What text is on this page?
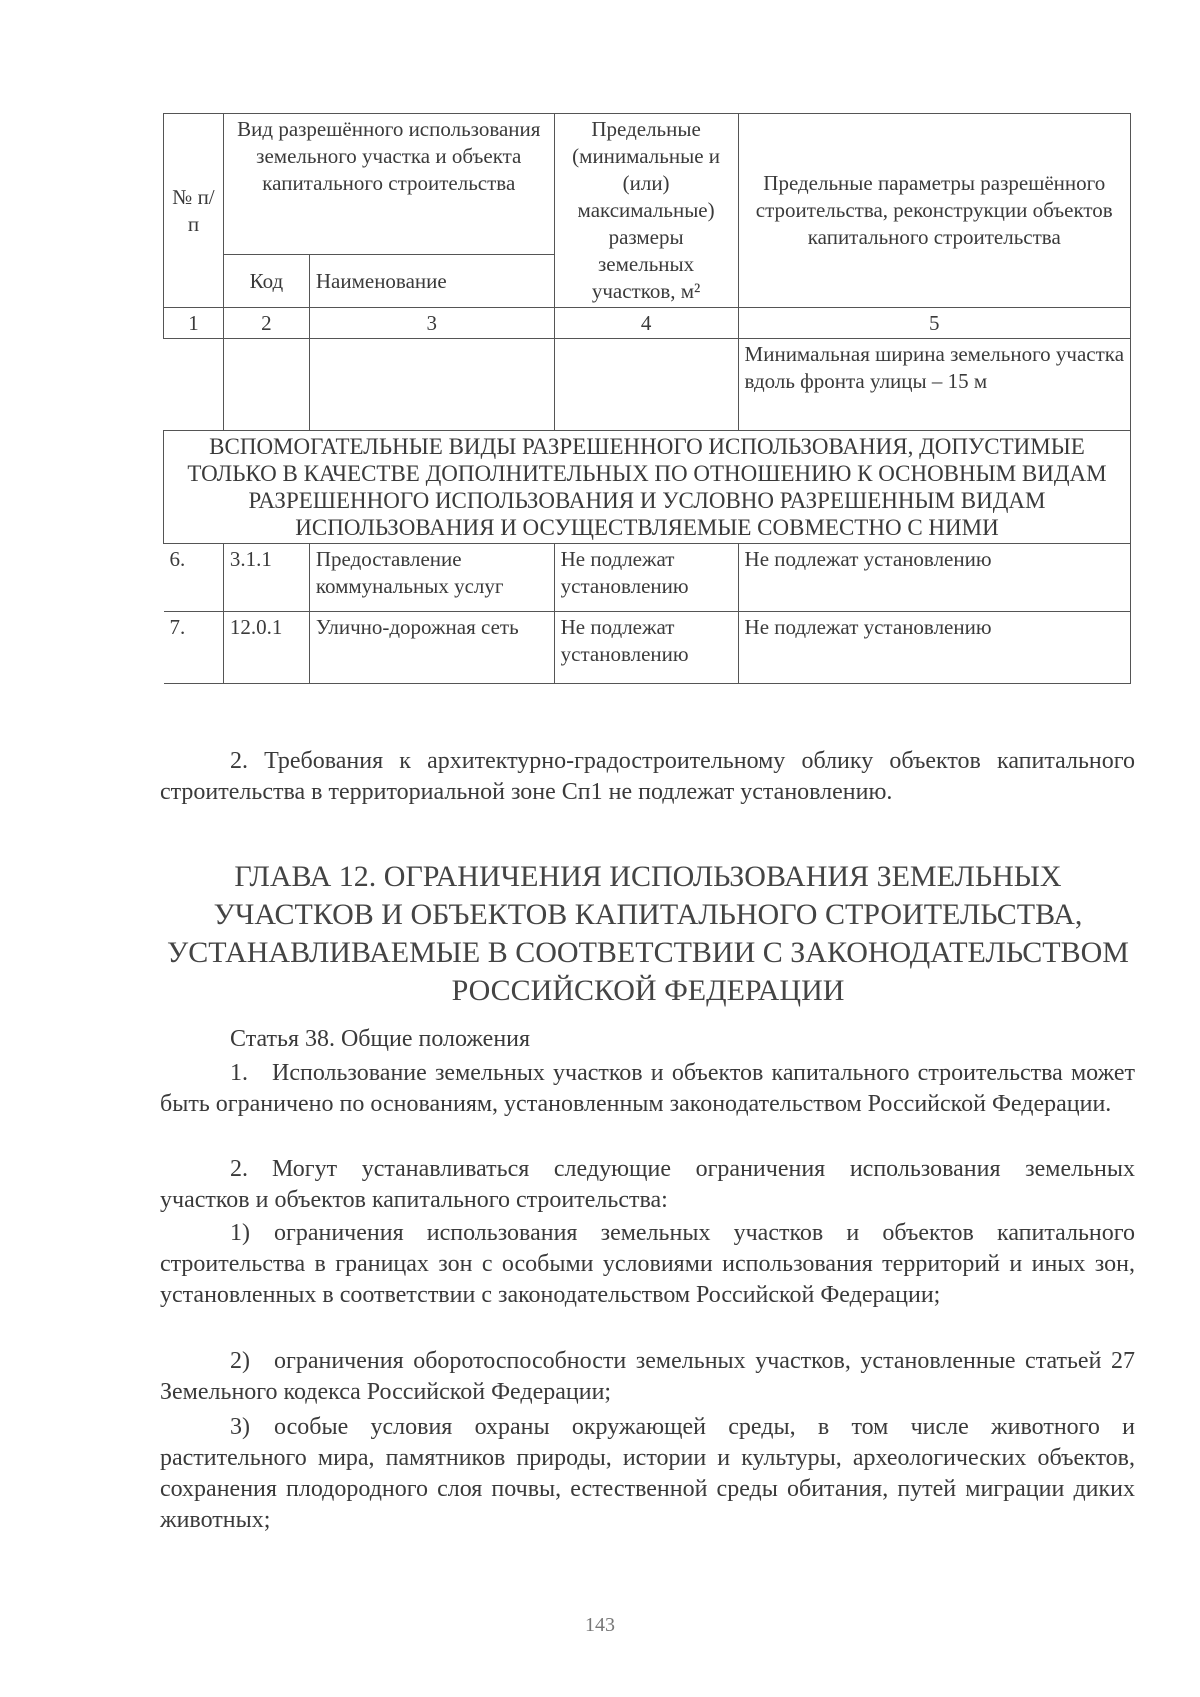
№ п/п	Вид разрешённого использования земельного участка и объекта капитального строительства		Предельные (минимальные и (или) максимальные) размеры земельных участков, м²	Предельные параметры разрешённого строительства, реконструкции объектов капитального строительства
	Код	Наименование		
1	2	3	4	5
				Минимальная ширина земельного участка вдоль фронта улицы – 15 м
ВСПОМОГАТЕЛЬНЫЕ ВИДЫ РАЗРЕШЕННОГО ИСПОЛЬЗОВАНИЯ, ДОПУСТИМЫЕ ТОЛЬКО В КАЧЕСТВЕ ДОПОЛНИТЕЛЬНЫХ ПО ОТНОШЕНИЮ К ОСНОВНЫМ ВИДАМ РАЗРЕШЕННОГО ИСПОЛЬЗОВАНИЯ И УСЛОВНО РАЗРЕШЕННЫМ ВИДАМ ИСПОЛЬЗОВАНИЯ И ОСУЩЕСТВЛЯЕМЫЕ СОВМЕСТНО С НИМИ				
6.	3.1.1	Предоставление коммунальных услуг	Не подлежат установлению	Не подлежат установлению
7.	12.0.1	Улично-дорожная сеть	Не подлежат установлению	Не подлежат установлению
2. Требования к архитектурно-градостроительному облику объектов капитального строительства в территориальной зоне Сп1 не подлежат установлению.
ГЛАВА 12. ОГРАНИЧЕНИЯ ИСПОЛЬЗОВАНИЯ ЗЕМЕЛЬНЫХ УЧАСТКОВ И ОБЪЕКТОВ КАПИТАЛЬНОГО СТРОИТЕЛЬСТВА, УСТАНАВЛИВАЕМЫЕ В СООТВЕТСТВИИ С ЗАКОНОДАТЕЛЬСТВОМ РОССИЙСКОЙ ФЕДЕРАЦИИ
Статья 38. Общие положения
1. Использование земельных участков и объектов капитального строительства может быть ограничено по основаниям, установленным законодательством Российской Федерации.
2. Могут устанавливаться следующие ограничения использования земельных участков и объектов капитального строительства:
1) ограничения использования земельных участков и объектов капитального строительства в границах зон с особыми условиями использования территорий и иных зон, установленных в соответствии с законодательством Российской Федерации;
2) ограничения оборотоспособности земельных участков, установленные статьей 27 Земельного кодекса Российской Федерации;
3) особые условия охраны окружающей среды, в том числе животного и растительного мира, памятников природы, истории и культуры, археологических объектов, сохранения плодородного слоя почвы, естественной среды обитания, путей миграции диких животных;
143
